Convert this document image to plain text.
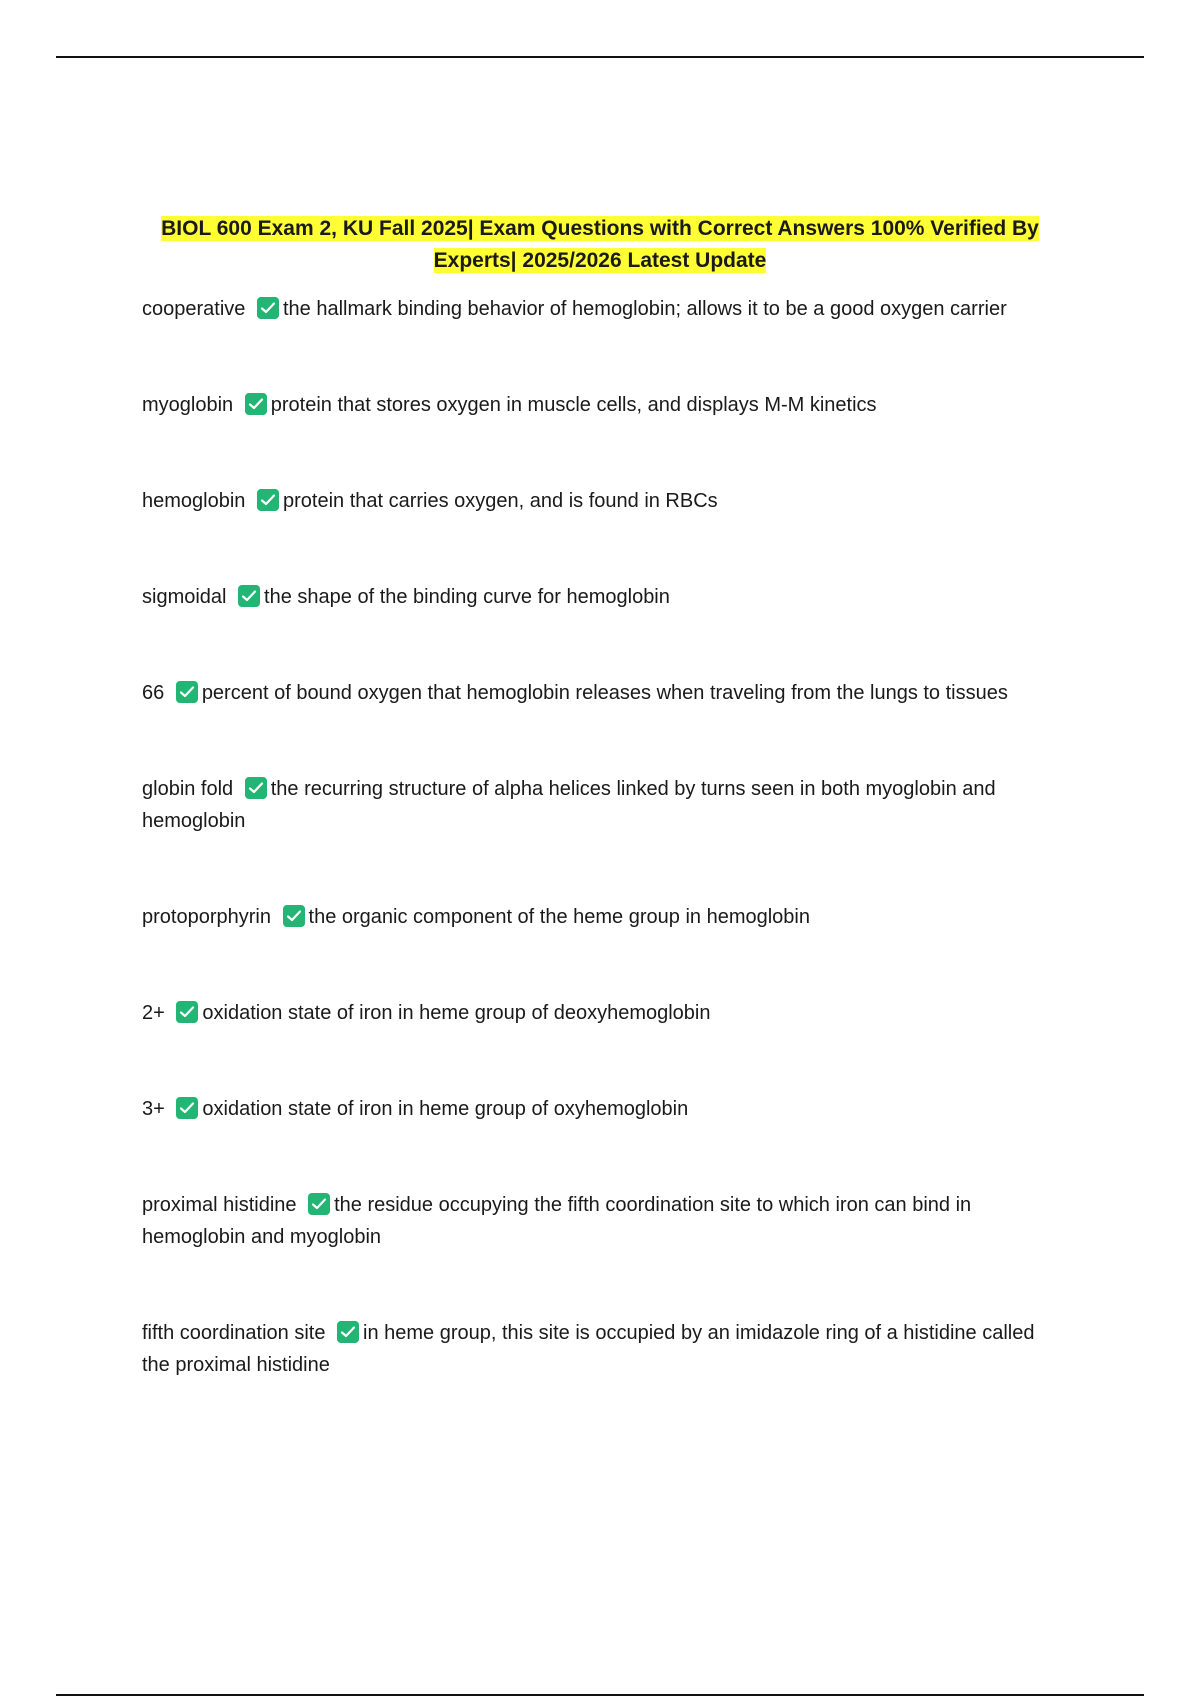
BIOL 600 Exam 2, KU Fall 2025| Exam Questions with Correct Answers 100% Verified By
Experts| 2025/2026 Latest Update
cooperative the hallmark binding behavior of hemoglobin; allows it to be a good oxygen carrier
myoglobin protein that stores oxygen in muscle cells, and displays M-M kinetics
hemoglobin protein that carries oxygen, and is found in RBCs
sigmoidal the shape of the binding curve for hemoglobin
66 percent of bound oxygen that hemoglobin releases when traveling from the lungs to tissues
globin fold the recurring structure of alpha helices linked by turns seen in both myoglobin and hemoglobin
protoporphyrin the organic component of the heme group in hemoglobin
2+ oxidation state of iron in heme group of deoxyhemoglobin
3+ oxidation state of iron in heme group of oxyhemoglobin
proximal histidine the residue occupying the fifth coordination site to which iron can bind in hemoglobin and myoglobin
fifth coordination site in heme group, this site is occupied by an imidazole ring of a histidine called the proximal histidine
